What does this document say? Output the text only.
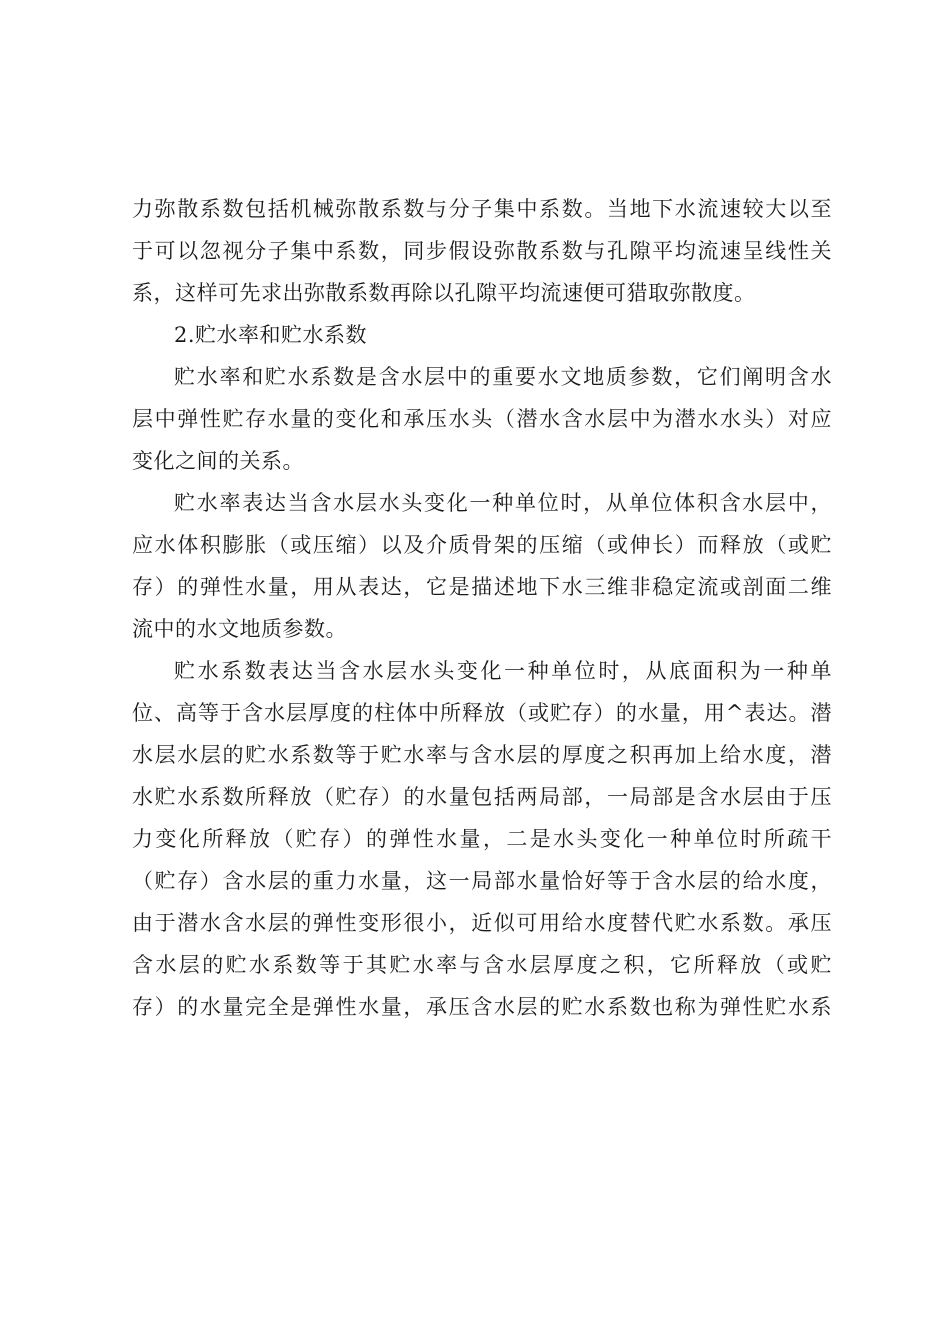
力弥散系数包括机械弥散系数与分子集中系数。当地下水流速较大以至
于可以忽视分子集中系数，同步假设弥散系数与孔隙平均流速呈线性关
系，这样可先求出弥散系数再除以孔隙平均流速便可猎取弥散度。
2.贮水率和贮水系数
贮水率和贮水系数是含水层中的重要水文地质参数，它们阐明含水
层中弹性贮存水量的变化和承压水头（潜水含水层中为潜水水头）对应
变化之间的关系。
贮水率表达当含水层水头变化一种单位时，从单位体积含水层中，
应水体积膨胀（或压缩）以及介质骨架的压缩（或伸长）而释放（或贮
存）的弹性水量，用从表达，它是描述地下水三维非稳定流或剖面二维
流中的水文地质参数。
贮水系数表达当含水层水头变化一种单位时，从底面积为一种单
位、高等于含水层厚度的柱体中所释放（或贮存）的水量，用^表达。潜
水层水层的贮水系数等于贮水率与含水层的厚度之积再加上给水度，潜
水贮水系数所释放（贮存）的水量包括两局部，一局部是含水层由于压
力变化所释放（贮存）的弹性水量，二是水头变化一种单位时所疏干
（贮存）含水层的重力水量，这一局部水量恰好等于含水层的给水度，
由于潜水含水层的弹性变形很小，近似可用给水度替代贮水系数。承压
含水层的贮水系数等于其贮水率与含水层厚度之积，它所释放（或贮
存）的水量完全是弹性水量，承压含水层的贮水系数也称为弹性贮水系
